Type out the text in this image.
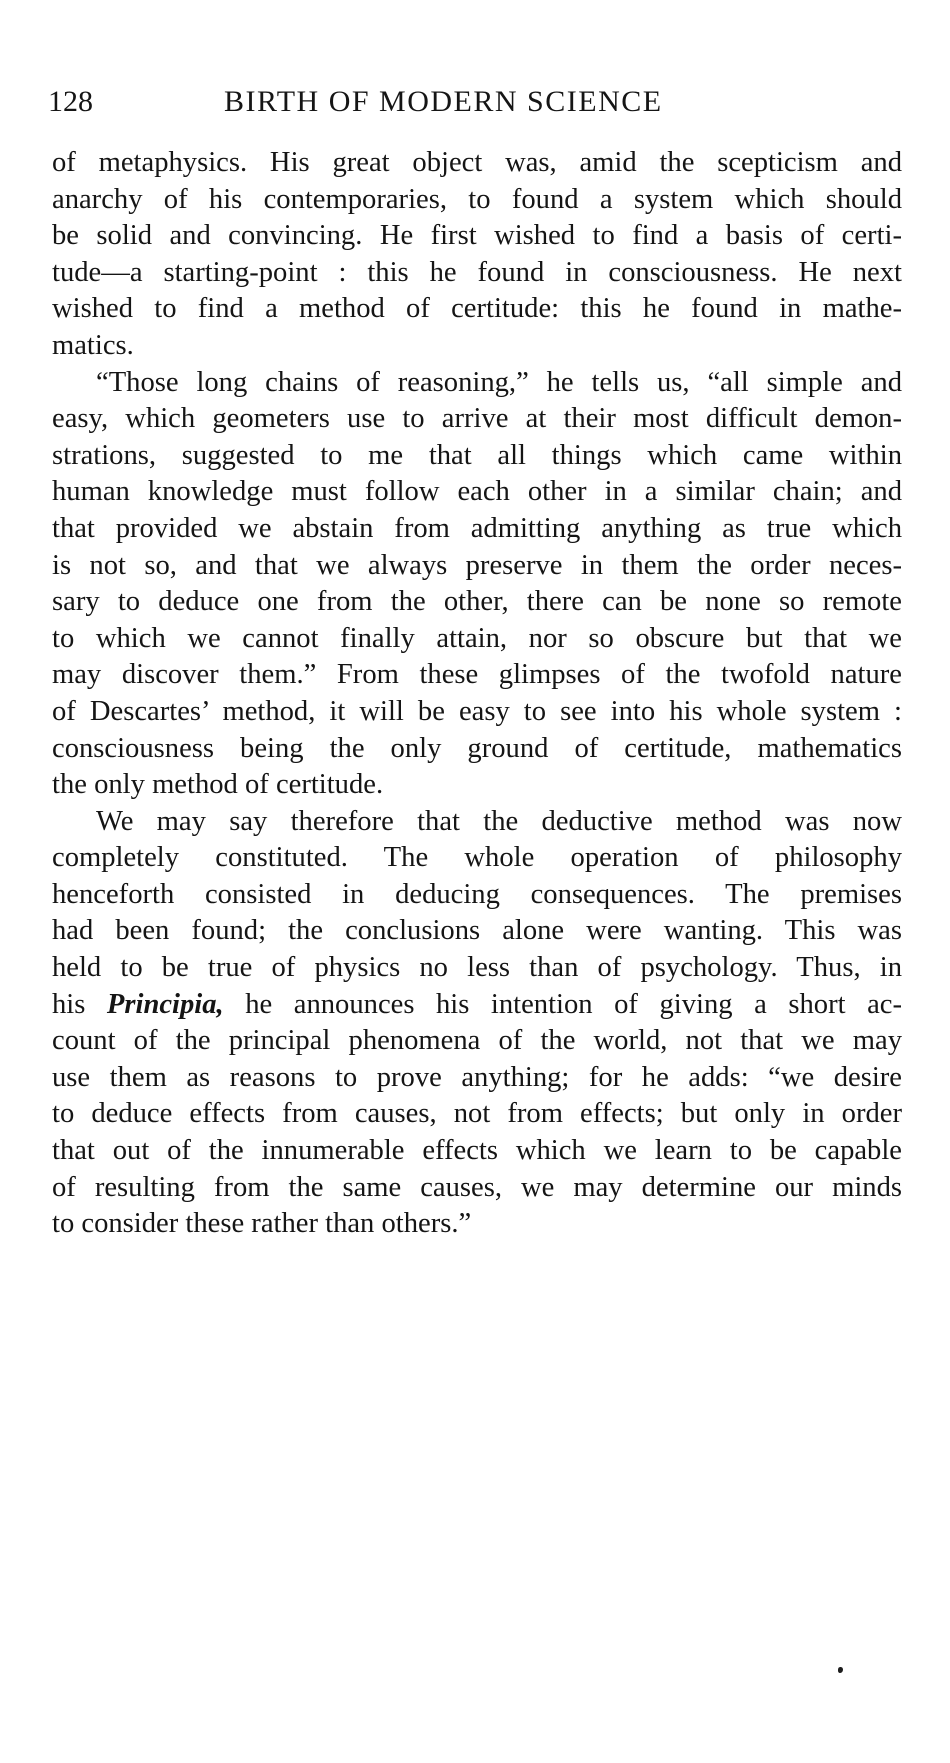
128	BIRTH OF MODERN SCIENCE
of metaphysics. His great object was, amid the scepticism and
anarchy of his contemporaries, to found a system which should
be solid and convincing. He first wished to find a basis of certi-
tude—a starting-point : this he found in consciousness. He next
wished to find a method of certitude: this he found in mathe-
matics.
“Those long chains of reasoning,” he tells us, “all simple and
easy, which geometers use to arrive at their most difficult demon-
strations, suggested to me that all things which came within
human knowledge must follow each other in a similar chain; and
that provided we abstain from admitting anything as true which
is not so, and that we always preserve in them the order neces-
sary to deduce one from the other, there can be none so remote
to which we cannot finally attain, nor so obscure but that we
may discover them.” From these glimpses of the twofold nature
of Descartes’ method, it will be easy to see into his whole system :
consciousness being the only ground of certitude, mathematics
the only method of certitude.
We may say therefore that the deductive method was now
completely constituted. The whole operation of philosophy
henceforth consisted in deducing consequences. The premises
had been found; the conclusions alone were wanting. This was
held to be true of physics no less than of psychology. Thus, in
his Principia, he announces his intention of giving a short ac-
count of the principal phenomena of the world, not that we may
use them as reasons to prove anything; for he adds: “we desire
to deduce effects from causes, not from effects; but only in order
that out of the innumerable effects which we learn to be capable
of resulting from the same causes, we may determine our minds
to consider these rather than others.”
